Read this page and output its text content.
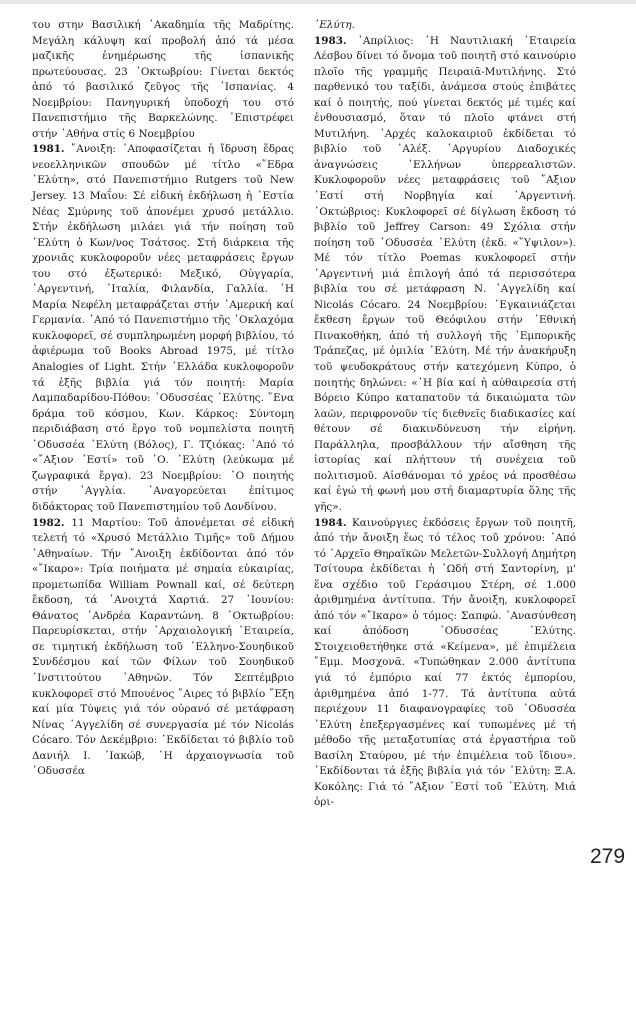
του στην Βασιλική ᾿Ακαδημία τῆς Μαδρίτης. Μεγάλη κάλυψη καί προβολή ἀπό τά μέσα μαζικῆς ἐνημέρωσης τῆς ἰσπανικῆς πρωτεύουσας. 23 ᾿Οκτωβρίου: Γίνεται δεκτός ἀπό τό βασιλικό ζεῦγος τῆς ᾿Ισπανίας. 4 Νοεμβρίου: Πανηγυρική ὑποδοχή του στό Πανεπιστήμιο τῆς Βαρκελώνης. ᾿Επιστρέφει στήν ᾿Αθήνα στίς 6 Νοεμβρίου

1981. ῎Ανοιξη: ᾿Αποφασίζεται ἡ ἵδρυση ἕδρας νεοελληνικῶν σπουδῶν μέ τίτλο «῞Εδρα ᾿Ελύτη», στό Πανεπιστήμιο Rutgers τοῦ New Jersey. 13 Μαΐου: Σέ εἰδική ἐκδήλωση ἡ ῾Εστία Νέας Σμύρνης τοῦ ἀπονέμει χρυσό μετάλλιο. Στήν ἐκδήλωση μιλάει γιά τήν ποίηση τοῦ ᾿Ελύτη ὁ Κων/νος Τσάτσος. Στή διάρκεια τῆς χρονιᾶς κυκλοφοροῦν νέες μεταφράσεις ἔργων του στό ἐξωτερικό: Μεξικό, Οὐγγαρία, ᾿Αργεντινή, ᾿Ιταλία, Φιλανδία, Γαλλία. ῾Η Μαρία Νεφέλη μεταφράζεται στήν ᾿Αμερική καί Γερμανία. ᾿Από τό Πανεπιστήμιο τῆς ᾿Οκλαχόμα κυκλοφορεῖ, σέ συμπληρωμένη μορφή βιβλίου, τό ἀφιέρωμα τοῦ Books Abroad 1975, μέ τίτλο Analogies of Light. Στήν ῾Ελλάδα κυκλοφοροῦν τά ἑξῆς βιβλία γιά τόν ποιητή: Μαρία Λαμπαδαρίδου-Πόθου: ᾿Οδυσσέας ᾿Ελύτης. ῞Ενα δράμα τοῦ κόσμου, Κων. Κάρκος: Σύντομη περιδιάβαση στό ἔργο τοῦ νομπελίστα ποιητῆ ᾿Οδυσσέα ᾿Ελύτη (Βόλος), Γ. Τζιόκας: ᾿Από τό «῎Αξιον ᾿Εστί» τοῦ ᾿Ο. ᾿Ελύτη (λεύκωμα μέ ζωγραφικά ἔργα). 23 Νοεμβρίου: ῾Ο ποιητής στήν ᾿Αγγλία. ᾿Αναγορεύεται ἐπίτιμος διδάκτορας τοῦ Πανεπιστημίου τοῦ Λονδίνου.

1982. 11 Μαρτίου: Τοῦ ἀπονέμεται σέ εἰδική τελετή τό «Χρυσό Μετάλλιο Τιμῆς» τοῦ Δήμου ᾿Αθηναίων. Τήν ῎Ανοιξη ἐκδίδονται ἀπό τόν «῎Ικαρο»: Τρία ποιήματα μέ σημαία εὐκαιρίας, προμετωπίδα William Pownall καί, σέ δεύτερη ἔκδοση, τά ᾿Ανοιχτά Χαρτιά. 27 ᾿Ιουνίου: Θάνατος ᾿Ανδρέα Καραντώνη. 8 ᾿Οκτωβρίου: Παρευρίσκεται, στήν ᾿Αρχαιολογική ῾Εταιρεία, σε τιμητική ἐκδήλωση τοῦ ῾Ελληνο-Σουηδικοῦ Συνδέσμου καί τῶν Φίλων τοῦ Σουηδικοῦ ᾿Ινστιτούτου ᾿Αθηνῶν. Τόν Σεπτέμβριο κυκλοφορεῖ στό Μπουένος ῎Αιρες τό βιβλίο ῎Εξη καί μία Τύψεις γιά τόν οὐρανό σέ μετάφραση Νίνας ᾿Αγγελίδη σέ συνεργασία μέ τόν Nicolás Cócaro. Τόν Δεκέμβριο: ᾿Εκδίδεται τό βιβλίο τοῦ Δανιήλ Ι. ᾿Ιακώβ, ῾Η ἀρχαιογνωσία τοῦ ᾿Οδυσσέα

᾿Ελύτη.

1983. ᾿Απρίλιος: ῾Η Ναυτιλιακή ῾Εταιρεία Λέσβου δίνει τό ὄνομα τοῦ ποιητῆ στό καινούριο πλοῖο τῆς γραμμῆς Πειραιᾶ-Μυτιλήνης. Στό παρθενικό του ταξίδι, ἀνάμεσα στούς ἐπιβάτες καί ὁ ποιητής, πού γίνεται δεκτός μέ τιμές καί ἐνθουσιασμό, ὅταν τό πλοῖο φτάνει στή Μυτιλήνη. ᾿Αρχές καλοκαιριοῦ ἐκδίδεται τό βιβλίο τοῦ ᾿Αλέξ. ᾿Αργυρίου Διαδοχικές ἀναγνώσεις ῾Ελλήνων ὑπερρεαλιστῶν. Κυκλοφοροῦν νέες μεταφράσεις τοῦ ῎Αξιον ᾿Εστί στή Νορβηγία καί ᾿Αργεντινή. ᾿Οκτώβριος: Κυκλοφορεῖ σέ δίγλωση ἔκδοση τό βιβλίο τοῦ Jeffrey Carson: 49 Σχόλια στήν ποίηση τοῦ ᾿Οδυσσέα ᾿Ελύτη (ἐκδ. «῞Υψιλον»). Μέ τόν τίτλο Poemas κυκλοφορεῖ στήν ᾿Αργεντινή μιά ἐπιλογή ἀπό τά περισσότερα βιβλία του σέ μετάφραση Ν. ᾿Αγγελίδη καί Nicolás Cócaro. 24 Νοεμβρίου: ᾿Εγκαινιάζεται ἔκθεση ἔργων τοῦ Θεόφιλου στήν ᾿Εθνική Πινακοθήκη, ἀπό τή συλλογή τῆς ᾿Εμπορικῆς Τράπεζας, μέ ὁμιλία ᾿Ελύτη. Μέ τήν ἀνακήρυξη τοῦ ψευδοκράτους στήν κατεχόμενη Κύπρο, ὁ ποιητής δηλώνει: «῾Η βία καί ἡ αὐθαιρεσία στή Βόρειο Κύπρο καταπατοῦν τά δικαιώματα τῶν λαῶν, περιφρονοῦν τίς διεθνεῖς διαδικασίες καί θέτουν σέ διακινδύνευση τήν εἰρήνη. Παράλληλα, προσβάλλουν τήν αἴσθηση τῆς ἱστορίας καί πλήττουν τή συνέχεια τοῦ πολιτισμοῦ. Αἰσθάνομαι τό χρέος νά προσθέσω καί ἐγώ τή φωνή μου στή διαμαρτυρία ὅλης τῆς γῆς».

1984. Καινούργιες ἐκδόσεις ἔργων τοῦ ποιητῆ, ἀπό τήν ἄνοιξη ἕως τό τέλος τοῦ χρόνου: ᾿Από τό ᾿Αρχεῖο Θηραϊκῶν Μελετῶν-Συλλογή Δημήτρη Τσίτουρα ἐκδίδεται ἡ ᾿Ωδή στή Σαντορίνη, μ' ἕνα σχέδιο τοῦ Γεράσιμου Στέρη, σέ 1.000 ἀριθμημένα ἀντίτυπα. Τήν ἄνοιξη, κυκλοφορεῖ ἀπό τόν «῎Ικαρο» ὁ τόμος: Σαπφώ. ᾿Ανασύνθεση καί ἀπόδοση ᾿Οδυσσέας ᾿Ελύτης. Στοιχειοθετήθηκε στά «Κείμενα», μέ ἐπιμέλεια ῎Εμμ. Μοσχονᾶ. «Τυπώθηκαν 2.000 ἀντίτυπα γιά τό ἐμπόριο καί 77 ἐκτός ἐμπορίου, ἀριθμημένα ἀπό 1-77. Τά ἀντίτυπα αὐτά περιέχουν 11 διαφανογραφίες τοῦ ᾿Οδυσσέα ᾿Ελύτη ἐπεξεργασμένες καί τυπωμένες μέ τή μέθοδο τῆς μεταξοτυπίας στά ἐργαστήρια τοῦ Βασίλη Σταύρου, μέ τήν ἐπιμέλεια τοῦ ἴδιου». ᾿Εκδίδονται τά ἑξῆς βιβλία γιά τόν ᾿Ελύτη: Ξ.Α. Κοκόλης: Γιά τό ῎Αξιον ᾿Εστί τοῦ ᾿Ελύτη. Μιά ὁρι-

279
